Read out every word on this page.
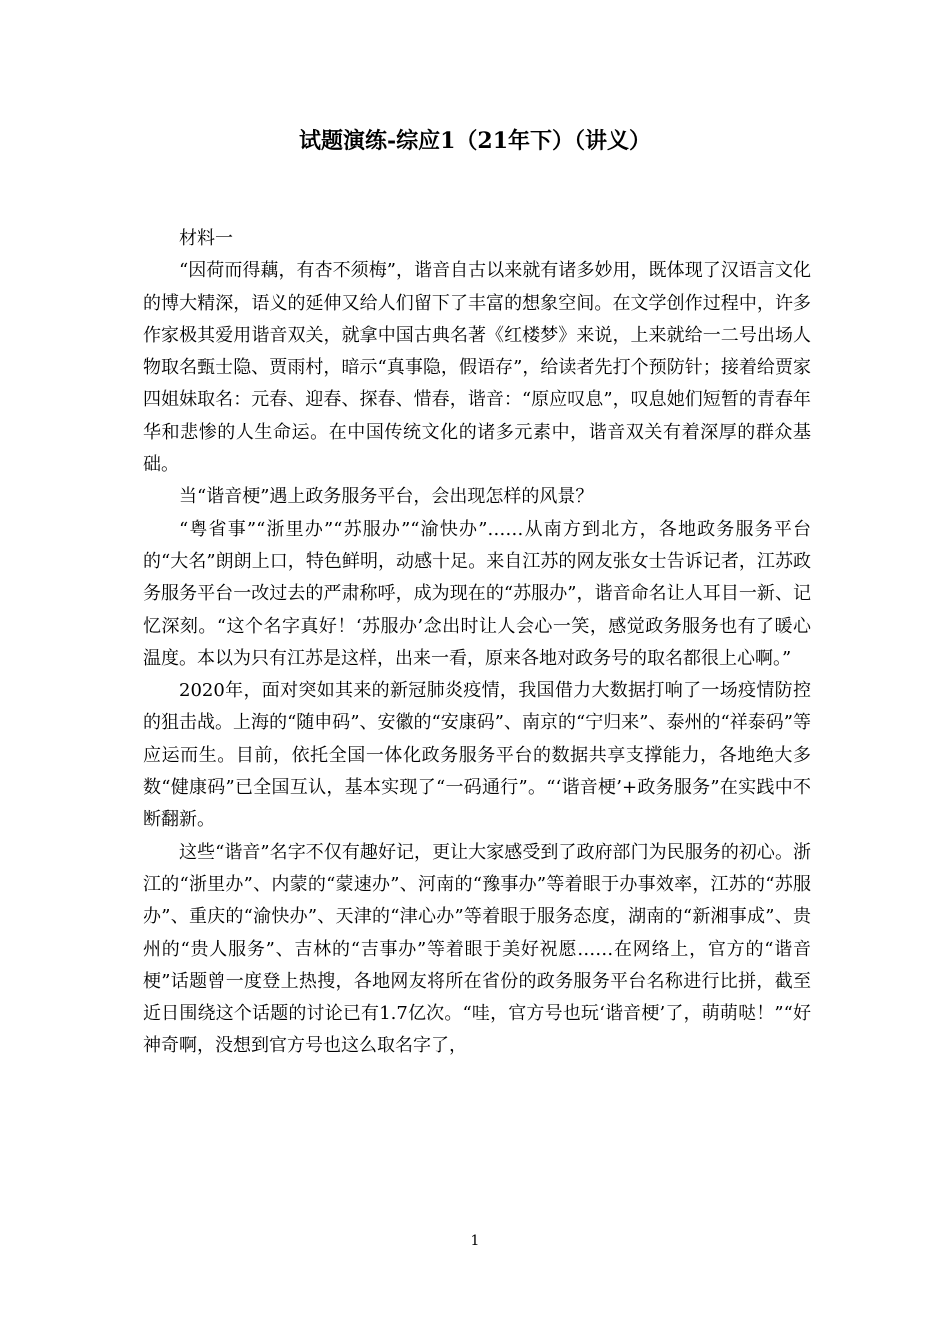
试题演练-综应1（21年下）（讲义）

材料一

“因荷而得藕，有杏不须梅”，谐音自古以来就有诸多妙用，既体现了汉语言文化的博大精深，语义的延伸又给人们留下了丰富的想象空间。在文学创作过程中，许多作家极其爱用谐音双关，就拿中国古典名著《红楼梦》来说，上来就给一二号出场人物取名甄士隐、贾雨村，暗示“真事隐，假语存”，给读者先打个预防针；接着给贾家四姐妹取名：元春、迎春、探春、惜春，谐音：“原应叹息”，叹息她们短暂的青春年华和悲惨的人生命运。在中国传统文化的诸多元素中，谐音双关有着深厚的群众基础。

当“谐音梗”遇上政务服务平台，会出现怎样的风景？

“粤省事”“浙里办”“苏服办”“渝快办”……从南方到北方，各地政务服务平台的“大名”朗朗上口，特色鲜明，动感十足。来自江苏的网友张女士告诉记者，江苏政务服务平台一改过去的严肃称呼，成为现在的“苏服办”，谐音命名让人耳目一新、记忆深刻。“这个名字真好！‘苏服办’念出时让人会心一笑，感觉政务服务也有了暖心温度。本以为只有江苏是这样，出来一看，原来各地对政务号的取名都很上心啊。”

2020年，面对突如其来的新冠肺炎疫情，我国借力大数据打响了一场疫情防控的狙击战。上海的“随申码”、安徽的“安康码”、南京的“宁归来”、泰州的“祥泰码”等应运而生。目前，依托全国一体化政务服务平台的数据共享支撑能力，各地绝大多数“健康码”已全国互认，基本实现了“一码通行”。“‘谐音梗’+政务服务”在实践中不断翻新。

这些“谐音”名字不仅有趣好记，更让大家感受到了政府部门为民服务的初心。浙江的“浙里办”、内蒙的“蒙速办”、河南的“豫事办”等着眼于办事效率，江苏的“苏服办”、重庆的“渝快办”、天津的“津心办”等着眼于服务态度，湖南的“新湘事成”、贵州的“贵人服务”、吉林的“吉事办”等着眼于美好祝愿……在网络上，官方的“谐音梗”话题曾一度登上热搜，各地网友将所在省份的政务服务平台名称进行比拼，截至近日围绕这个话题的讨论已有1.7亿次。“哇，官方号也玩‘谐音梗’了，萌萌哒！”“好神奇啊，没想到官方号也这么取名字了，

1
